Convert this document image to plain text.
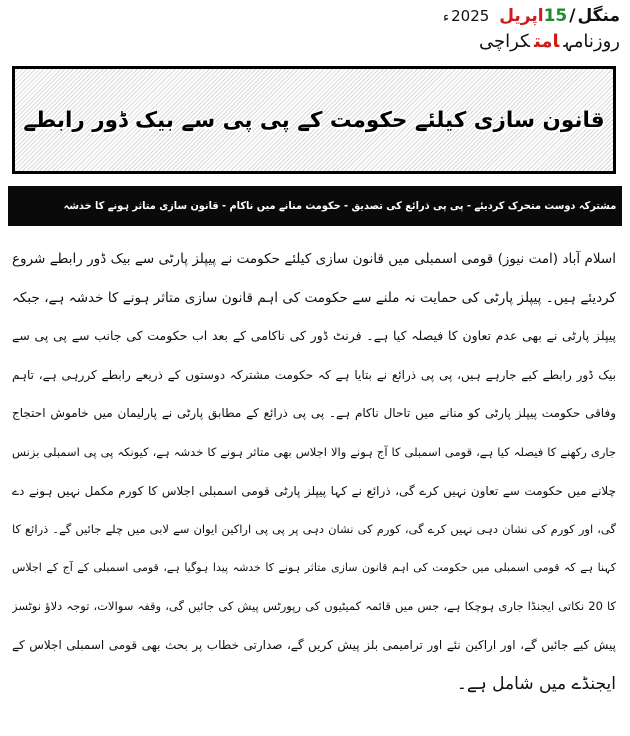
منگل/15اپریل 2025ء
روزنامہامتکراچی
قانون سازی کیلئے حکومت کے پی پی سے بیک ڈور رابطے
مشترکہ دوست متحرک کردیئے - پی پی ذرائع کی تصدیق - حکومت منانے میں ناکام - قانون سازی متاثر ہونے کا خدشہ
اسلام آباد (امت نیوز) قومی اسمبلی میں قانون سازی کیلئے حکومت نے پیپلز پارٹی سے بیک ڈور رابطے شروع
کردیئے ہیں۔ پیپلز پارٹی کی حمایت نہ ملنے سے حکومت کی اہم قانون سازی متاثر ہونے کا خدشہ ہے، جبکہ
پیپلز پارٹی نے بھی عدم تعاون کا فیصلہ کیا ہے۔ فرنٹ ڈور کی ناکامی کے بعد اب حکومت کی جانب سے پی پی سے
بیک ڈور رابطے کیے جارہے ہیں، پی پی ذرائع نے بتایا ہے کہ حکومت مشترکہ دوستوں کے ذریعے رابطے کررہی ہے، تاہم
وفاقی حکومت پیپلز پارٹی کو منانے میں تاحال ناکام ہے۔ پی پی ذرائع کے مطابق پارٹی نے پارلیمان میں خاموش احتجاج
جاری رکھنے کا فیصلہ کیا ہے، قومی اسمبلی کا آج ہونے والا اجلاس بھی متاثر ہونے کا خدشہ ہے، کیونکہ پی پی اسمبلی بزنس
چلانے میں حکومت سے تعاون نہیں کرے گی، ذرائع نے کہا پیپلز پارٹی قومی اسمبلی اجلاس کا کورم مکمل نہیں ہونے دے
گی، اور کورم کی نشان دہی نہیں کرے گی، کورم کی نشان دہی پر پی پی اراکین ایوان سے لابی میں چلے جائیں گے۔ ذرائع کا
کہنا ہے کہ قومی اسمبلی میں حکومت کی اہم قانون سازی متاثر ہونے کا خدشہ پیدا ہوگیا ہے، قومی اسمبلی کے آج کے اجلاس
کا 20 نکاتی ایجنڈا جاری ہوچکا ہے، جس میں قائمہ کمیٹیوں کی رپورٹس پیش کی جائیں گی، وقفہ سوالات، توجہ دلاؤ نوٹسز
پیش کیے جائیں گے، اور اراکین نئے اور ترامیمی بلز پیش کریں گے، صدارتی خطاب پر بحث بھی قومی اسمبلی اجلاس کے
ایجنڈے میں شامل ہے۔
